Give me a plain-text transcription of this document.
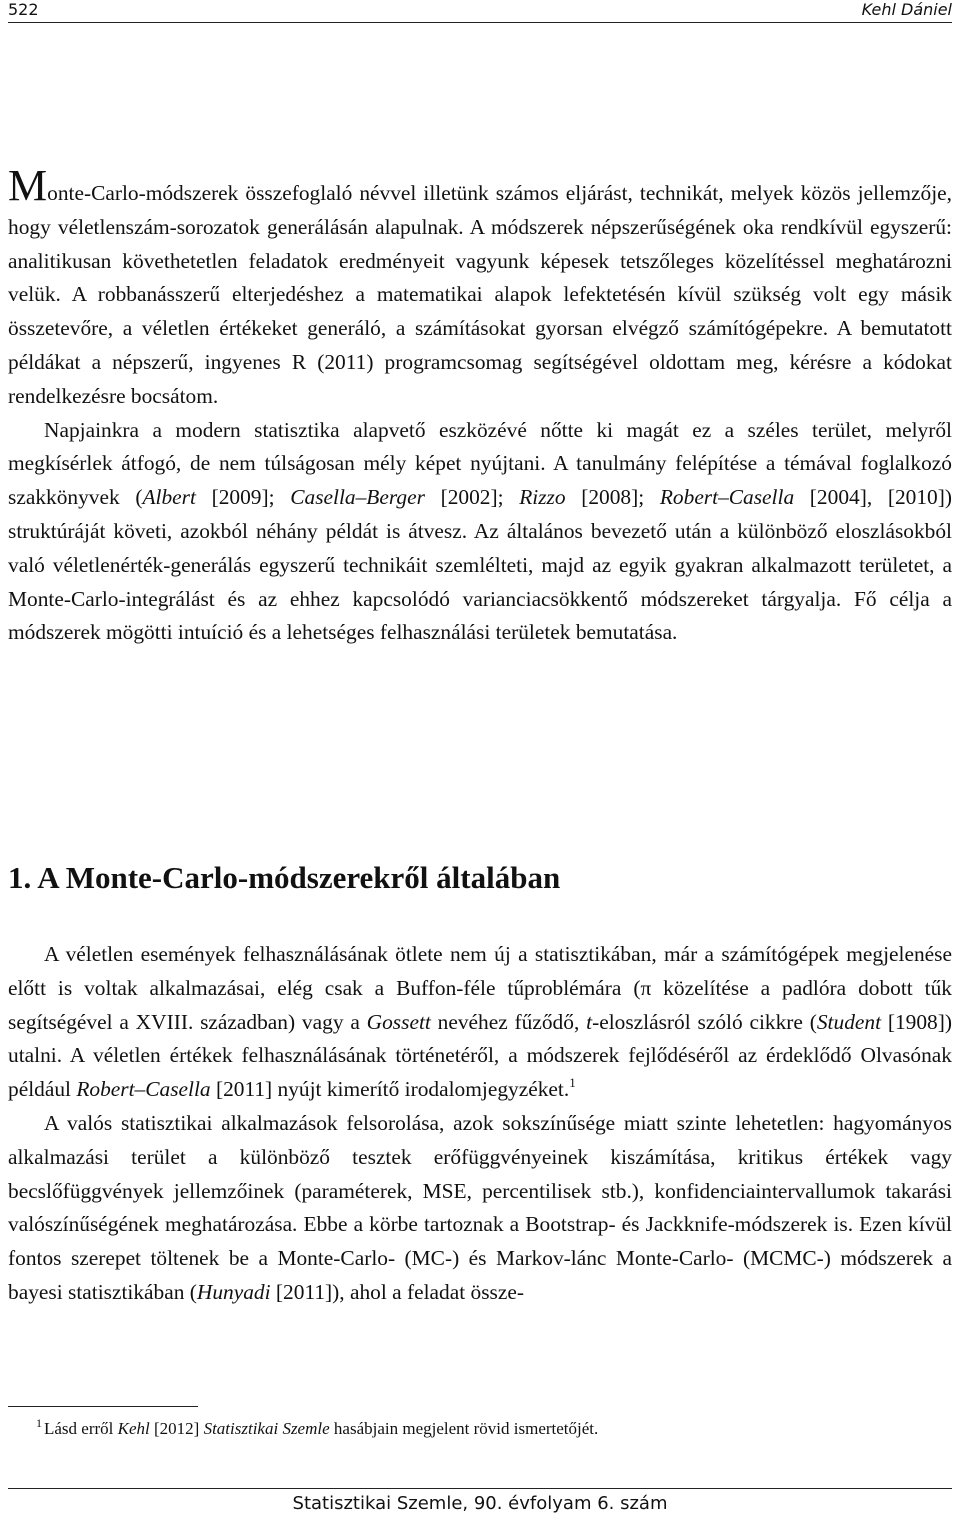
522	Kehl Dániel

Monte-Carlo-módszerek összefoglaló névvel illetünk számos eljárást, technikát, melyek közös jellemzője, hogy véletlenszám-sorozatok generálásán alapulnak. A módszerek népszerűségének oka rendkívül egyszerű: analitikusan követhetetlen feladatok eredményeit vagyunk képesek tetszőleges közelítéssel meghatározni velük. A robbanásszerű elterjedéshez a matematikai alapok lefektetésén kívül szükség volt egy másik összetevőre, a véletlen értékeket generáló, a számításokat gyorsan elvégző számítógépekre. A bemutatott példákat a népszerű, ingyenes R (2011) programcsomag segítségével oldottam meg, kérésre a kódokat rendelkezésre bocsátom.

Napjainkra a modern statisztika alapvető eszközévé nőtte ki magát ez a széles terület, melyről megkísérlek átfogó, de nem túlságosan mély képet nyújtani. A tanulmány felépítése a témával foglalkozó szakkönyvek (Albert [2009]; Casella–Berger [2002]; Rizzo [2008]; Robert–Casella [2004], [2010]) struktúráját követi, azokból néhány példát is átvesz. Az általános bevezető után a különböző eloszlásokból való véletlenérték-generálás egyszerű technikáit szemlélteti, majd az egyik gyakran alkalmazott területet, a Monte-Carlo-integrálást és az ehhez kapcsolódó varianciacsökkentő módszereket tárgyalja. Fő célja a módszerek mögötti intuíció és a lehetséges felhasználási területek bemutatása.

1. A Monte-Carlo-módszerekről általában

A véletlen események felhasználásának ötlete nem új a statisztikában, már a számítógépek megjelenése előtt is voltak alkalmazásai, elég csak a Buffon-féle tűproblémára (π közelítése a padlóra dobott tűk segítségével a XVIII. században) vagy a Gossett nevéhez fűződő, t-eloszlásról szóló cikkre (Student [1908]) utalni. A véletlen értékek felhasználásának történetéről, a módszerek fejlődéséről az érdeklődő Olvasónak például Robert–Casella [2011] nyújt kimerítő irodalomjegyzéket.$^1$

A valós statisztikai alkalmazások felsorolása, azok sokszínűsége miatt szinte lehetetlen: hagyományos alkalmazási terület a különböző tesztek erőfüggvényeinek kiszámítása, kritikus értékek vagy becslőfüggvények jellemzőinek (paraméterek, MSE, percentilisek stb.), konfidenciaintervallumok takarási valószínűségének meghatározása. Ebbe a körbe tartoznak a Bootstrap- és Jackknife-módszerek is. Ezen kívül fontos szerepet töltenek be a Monte-Carlo- (MC-) és Markov-lánc Monte-Carlo- (MCMC-) módszerek a bayesi statisztikában (Hunyadi [2011]), ahol a feladat össze-

1 Lásd erről Kehl [2012] Statisztikai Szemle hasábjain megjelent rövid ismertetőjét.
Statisztikai Szemle, 90. évfolyam 6. szám
